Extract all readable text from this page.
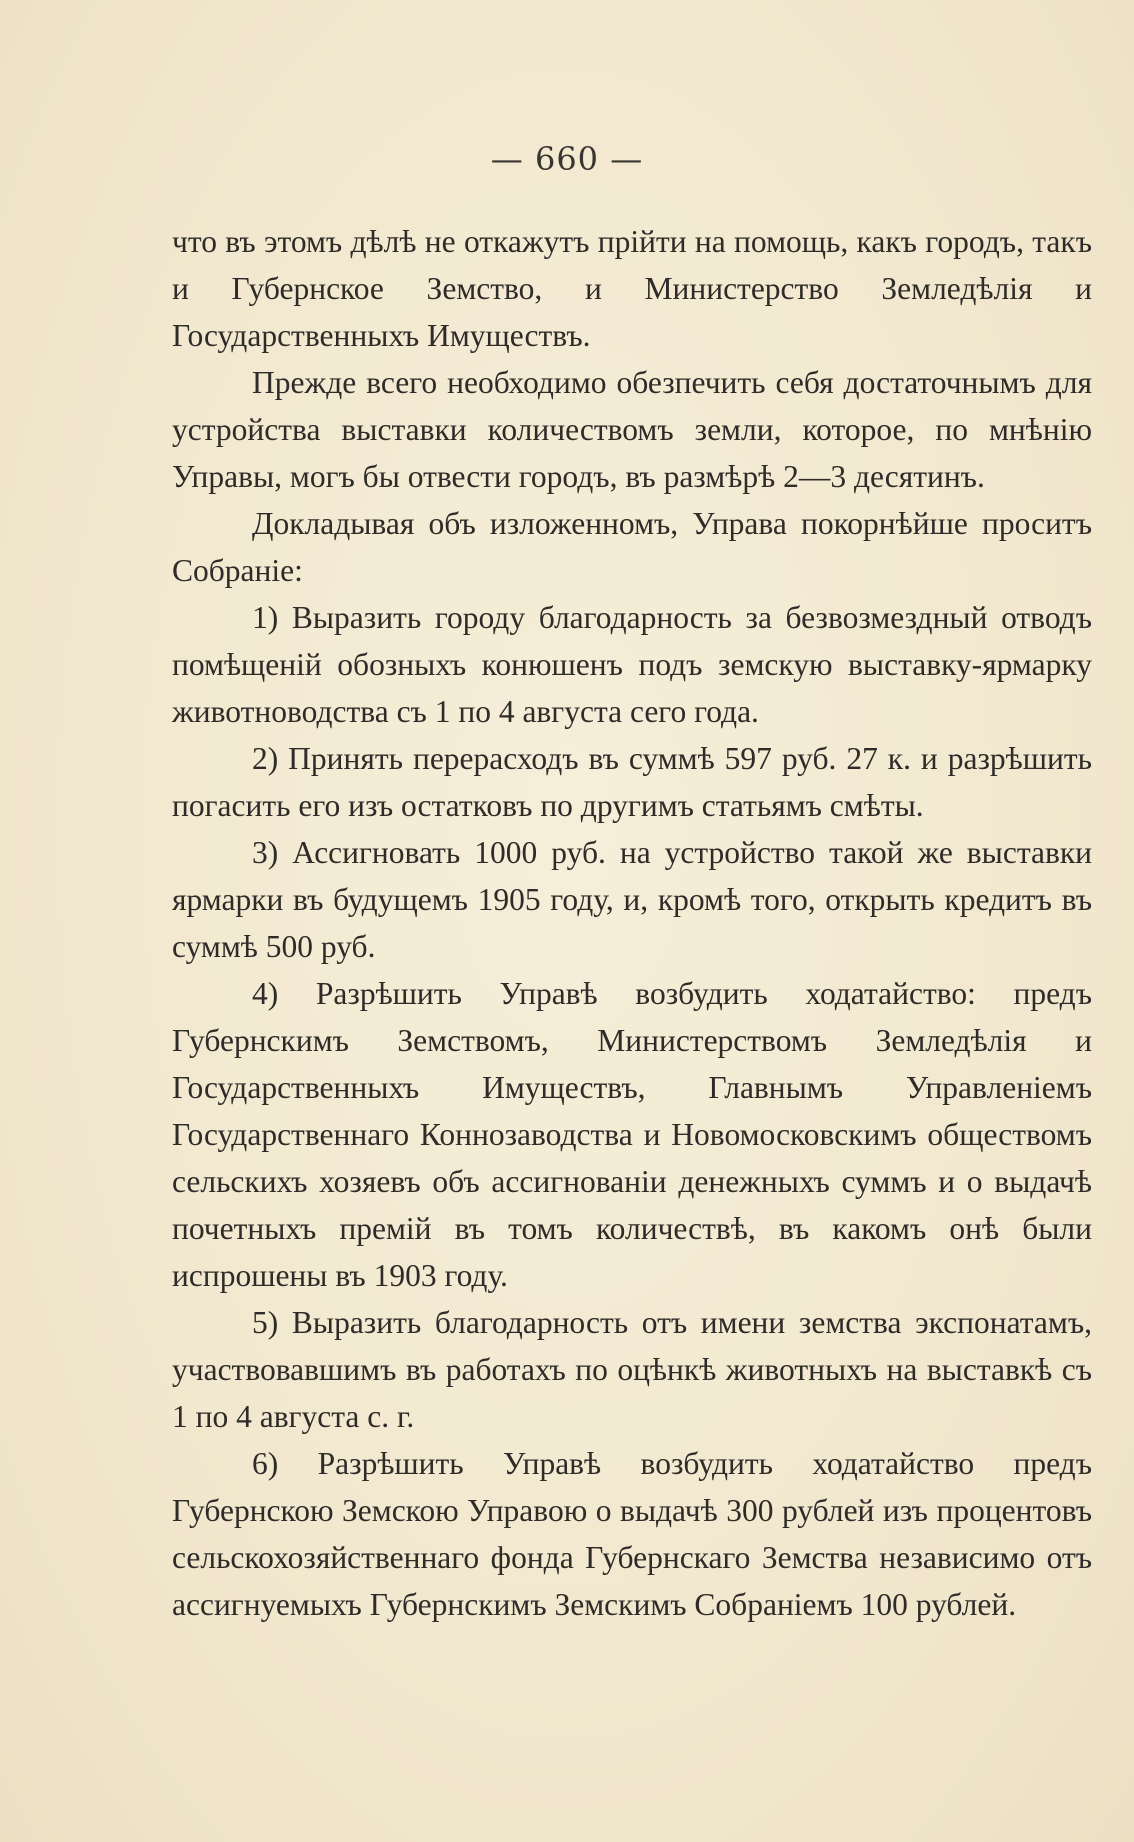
— 660 —

что въ этомъ дѣлѣ не откажутъ прійти на помощь, какъ городъ, такъ и Губернское Земство, и Министерство Земледѣлія и Государственныхъ Имуществъ.

Прежде всего необходимо обезпечить себя достаточнымъ для устройства выставки количествомъ земли, которое, по мнѣнію Управы, могъ бы отвести городъ, въ размѣрѣ 2—3 десятинъ.

Докладывая объ изложенномъ, Управа покорнѣйше проситъ Собраніе:

1) Выразить городу благодарность за безвозмездный отводъ помѣщеній обозныхъ конюшенъ подъ земскую выставку-ярмарку животноводства съ 1 по 4 августа сего года.

2) Принять перерасходъ въ суммѣ 597 руб. 27 к. и разрѣшить погасить его изъ остатковъ по другимъ статьямъ смѣты.

3) Ассигновать 1000 руб. на устройство такой же выставки ярмарки въ будущемъ 1905 году, и, кромѣ того, открыть кредитъ въ суммѣ 500 руб.

4) Разрѣшить Управѣ возбудить ходатайство: предъ Губернскимъ Земствомъ, Министерствомъ Земледѣлія и Государственныхъ Имуществъ, Главнымъ Управленіемъ Государственнаго Коннозаводства и Новомосковскимъ обществомъ сельскихъ хозяевъ объ ассигнованіи денежныхъ суммъ и о выдачѣ почетныхъ премій въ томъ количествѣ, въ какомъ онѣ были испрошены въ 1903 году.

5) Выразить благодарность отъ имени земства экспонатамъ, участвовавшимъ въ работахъ по оцѣнкѣ животныхъ на выставкѣ съ 1 по 4 августа с. г.

6) Разрѣшить Управѣ возбудить ходатайство предъ Губернскою Земскою Управою о выдачѣ 300 рублей изъ процентовъ сельскохозяйственнаго фонда Губернскаго Земства независимо отъ ассигнуемыхъ Губернскимъ Земскимъ Собраніемъ 100 рублей.
